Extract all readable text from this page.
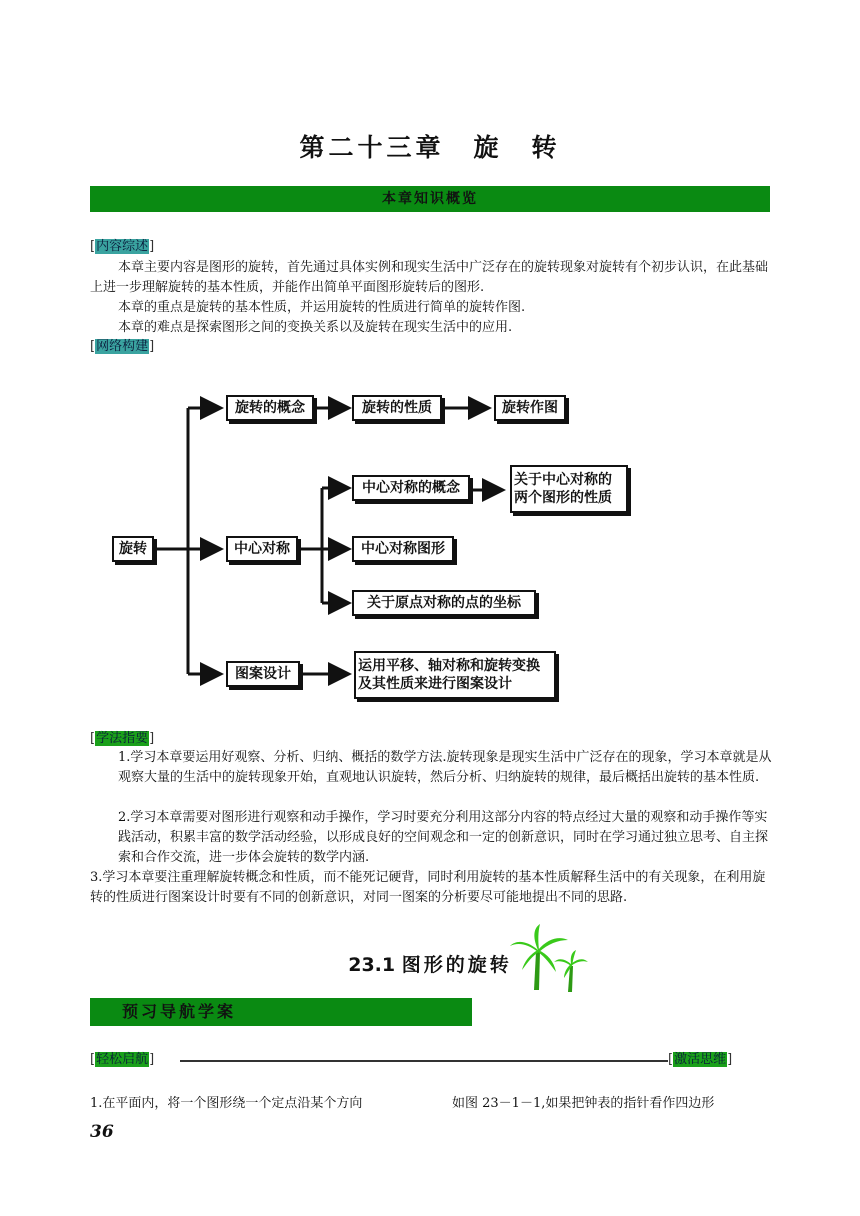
第二十三章　旋　转
本章知识概览
[内容综述]
本章主要内容是图形的旋转，首先通过具体实例和现实生活中广泛存在的旋转现象对旋转有个初步认识，在此基础上进一步理解旋转的基本性质，并能作出简单平面图形旋转后的图形.
本章的重点是旋转的基本性质，并运用旋转的性质进行简单的旋转作图.
本章的难点是探索图形之间的变换关系以及旋转在现实生活中的应用.
[网络构建]
旋转
旋转的概念	旋转的性质	旋转作图
中心对称
中心对称的概念	关于中心对称的两个图形的性质
中心对称图形
关于原点对称的点的坐标
图案设计	运用平移、轴对称和旋转变换及其性质来进行图案设计
[学法指要]
1.学习本章要运用好观察、分析、归纳、概括的数学方法.旋转现象是现实生活中广泛存在的现象，学习本章就是从观察大量的生活中的旋转现象开始，直观地认识旋转，然后分析、归纳旋转的规律，最后概括出旋转的基本性质.
2.学习本章需要对图形进行观察和动手操作，学习时要充分利用这部分内容的特点经过大量的观察和动手操作等实践活动，积累丰富的数学活动经验，以形成良好的空间观念和一定的创新意识，同时在学习通过独立思考、自主探索和合作交流，进一步体会旋转的数学内涵.
3.学习本章要注重理解旋转概念和性质，而不能死记硬背，同时利用旋转的基本性质解释生活中的有关现象，在利用旋转的性质进行图案设计时要有不同的创新意识，对同一图案的分析要尽可能地提出不同的思路.
23.1 图形的旋转
预习导航学案
[轻松启航]	[激活思维]
1.在平面内，将一个图形绕一个定点沿某个方向	如图 23－1－1,如果把钟表的指针看作四边形
36
